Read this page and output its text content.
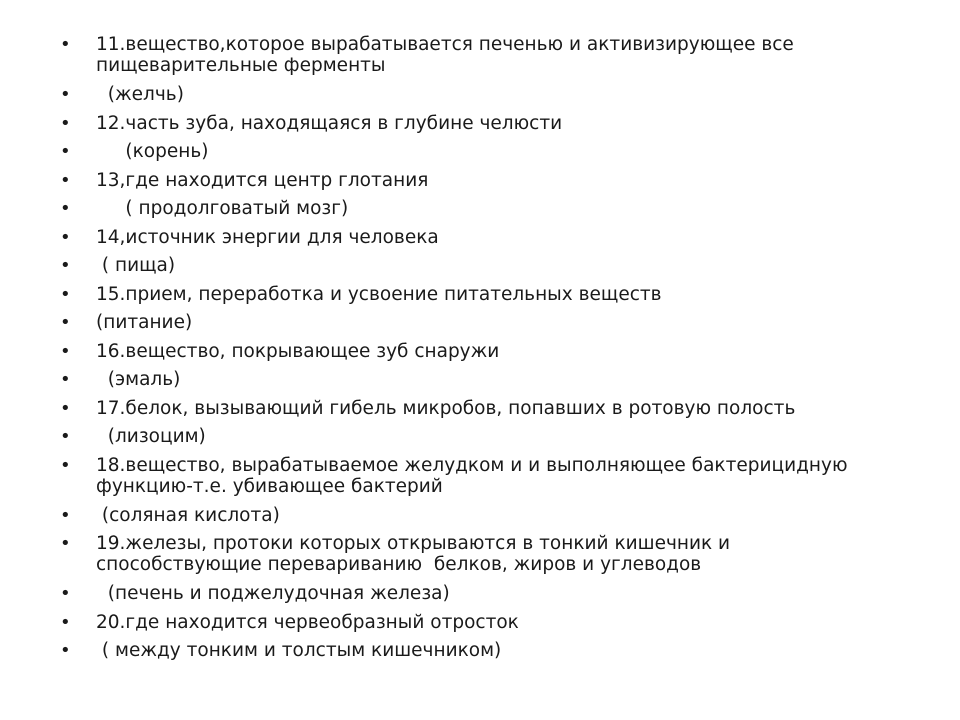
•	11.вещество,которое вырабатывается печенью и активизирующее все пищеварительные ферменты
•	(желчь)
•	12.часть зуба, находящаяся в глубине челюсти
•	(корень)
•	13,где находится центр глотания
•	( продолговатый мозг)
•	14,источник энергии для человека
•	( пища)
•	15.прием, переработка и усвоение питательных веществ
•	(питание)
•	16.вещество, покрывающее зуб снаружи
•	(эмаль)
•	17.белок, вызывающий гибель микробов, попавших в ротовую полость
•	(лизоцим)
•	18.вещество, вырабатываемое желудком и и выполняющее бактерицидную функцию-т.е. убивающее бактерий
•	(соляная кислота)
•	19.железы, протоки которых открываются в тонкий кишечник и способствующие перевариванию  белков, жиров и углеводов
•	(печень и поджелудочная железа)
•	20.где находится червеобразный отросток
•	( между тонким и толстым кишечником)
